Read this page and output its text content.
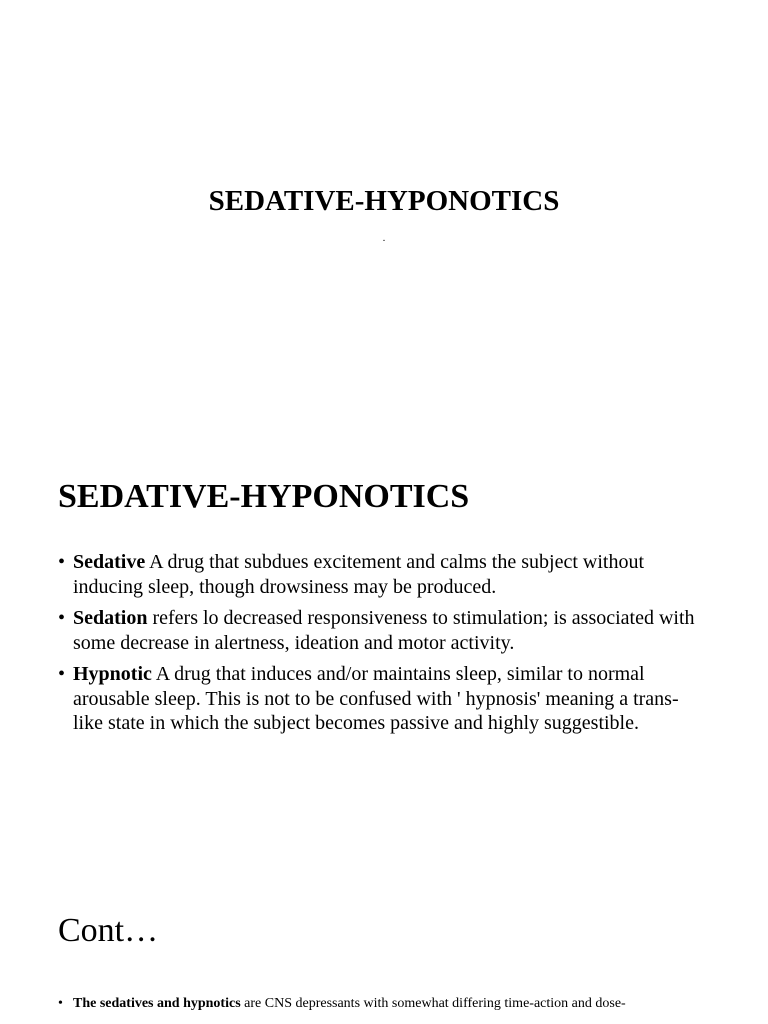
SEDATIVE-HYPONOTICS
.
SEDATIVE-HYPONOTICS
• Sedative A drug that subdues excitement and calms the subject without inducing sleep, though drowsiness may be produced.
• Sedation refers lo decreased responsiveness to stimulation; is associated with some decrease in alertness, ideation and motor activity.
• Hypnotic A drug that induces and/or maintains sleep, similar to normal arousable sleep. This is not to be confused with ' hypnosis' meaning a trans-like state in which the subject becomes passive and highly suggestible.
Cont…
• The sedatives and hypnotics are CNS depressants with somewhat differing time-action and dose-
